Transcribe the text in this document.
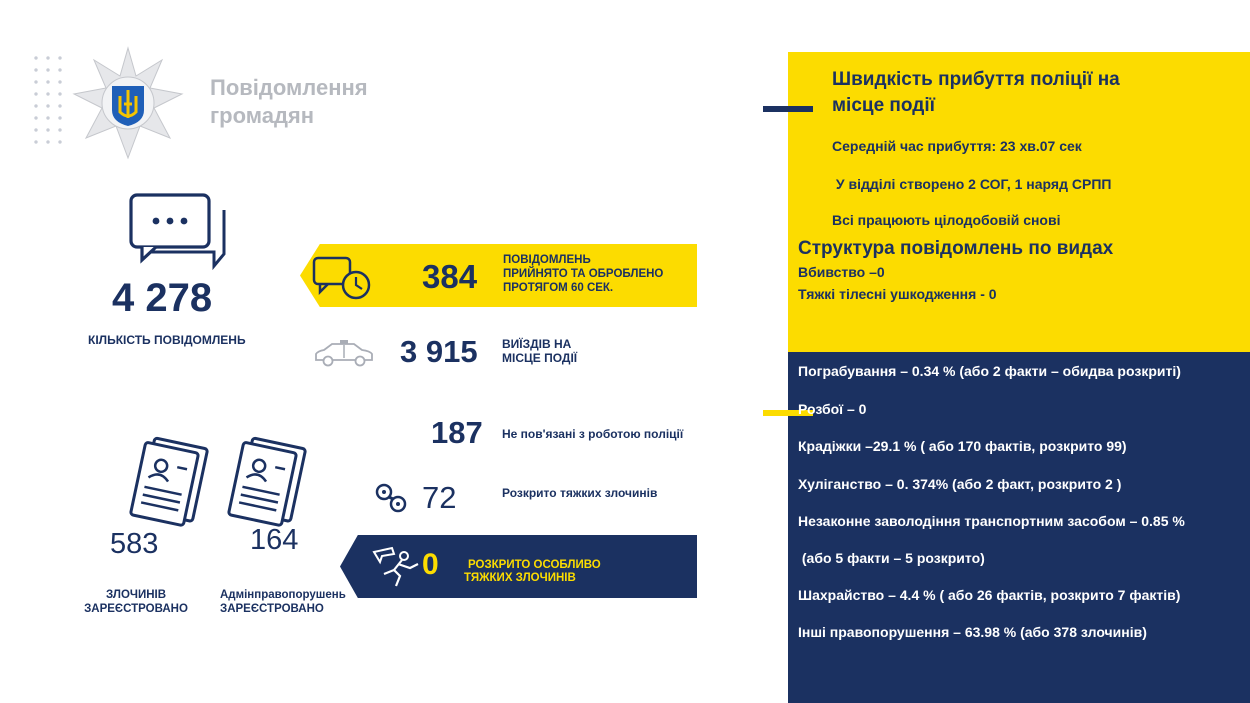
Повідомлення
громадян
4 278
КІЛЬКІСТЬ ПОВІДОМЛЕНЬ
384 ПОВІДОМЛЕНЬ
ПРИЙНЯТО ТА ОБРОБЛЕНО
ПРОТЯГОМ 60 СЕК.
3 915 ВИЇЗДІВ НА
МІСЦЕ ПОДІЇ
187 Не пов'язані з роботою поліції
72	Розкрито тяжких злочинів
0	РОЗКРИТО ОСОБЛИВО
ТЯЖКИХ ЗЛОЧИНІВ
583	164
ЗЛОЧИНІВ
ЗАРЕЄСТРОВАНО
Адмінправопорушень
ЗАРЕЄСТРОВАНО
Швидкість прибуття поліції на
місце події
Середній час прибуття: 23 хв.07 сек
У відділі створено 2 СОГ, 1 наряд СРПП
Всі працюють цілодобовій снові
Структура повідомлень по видах
Вбивство –0
Тяжкі тілесні ушкодження - 0
Пограбування – 0.34 % (або 2 факти – обидва розкриті)
Розбої – 0
Крадіжки –29.1 % ( або 170 фактів, розкрито 99)
Хуліганство – 0. 374% (або 2 факт, розкрито 2 )
Незаконне заволодіння транспортним засобом – 0.85 %
(або 5 факти – 5 розкрито)
Шахрайство – 4.4 % ( або 26 фактів, розкрито 7 фактів)
Інші правопорушення – 63.98 % (або 378 злочинів)
